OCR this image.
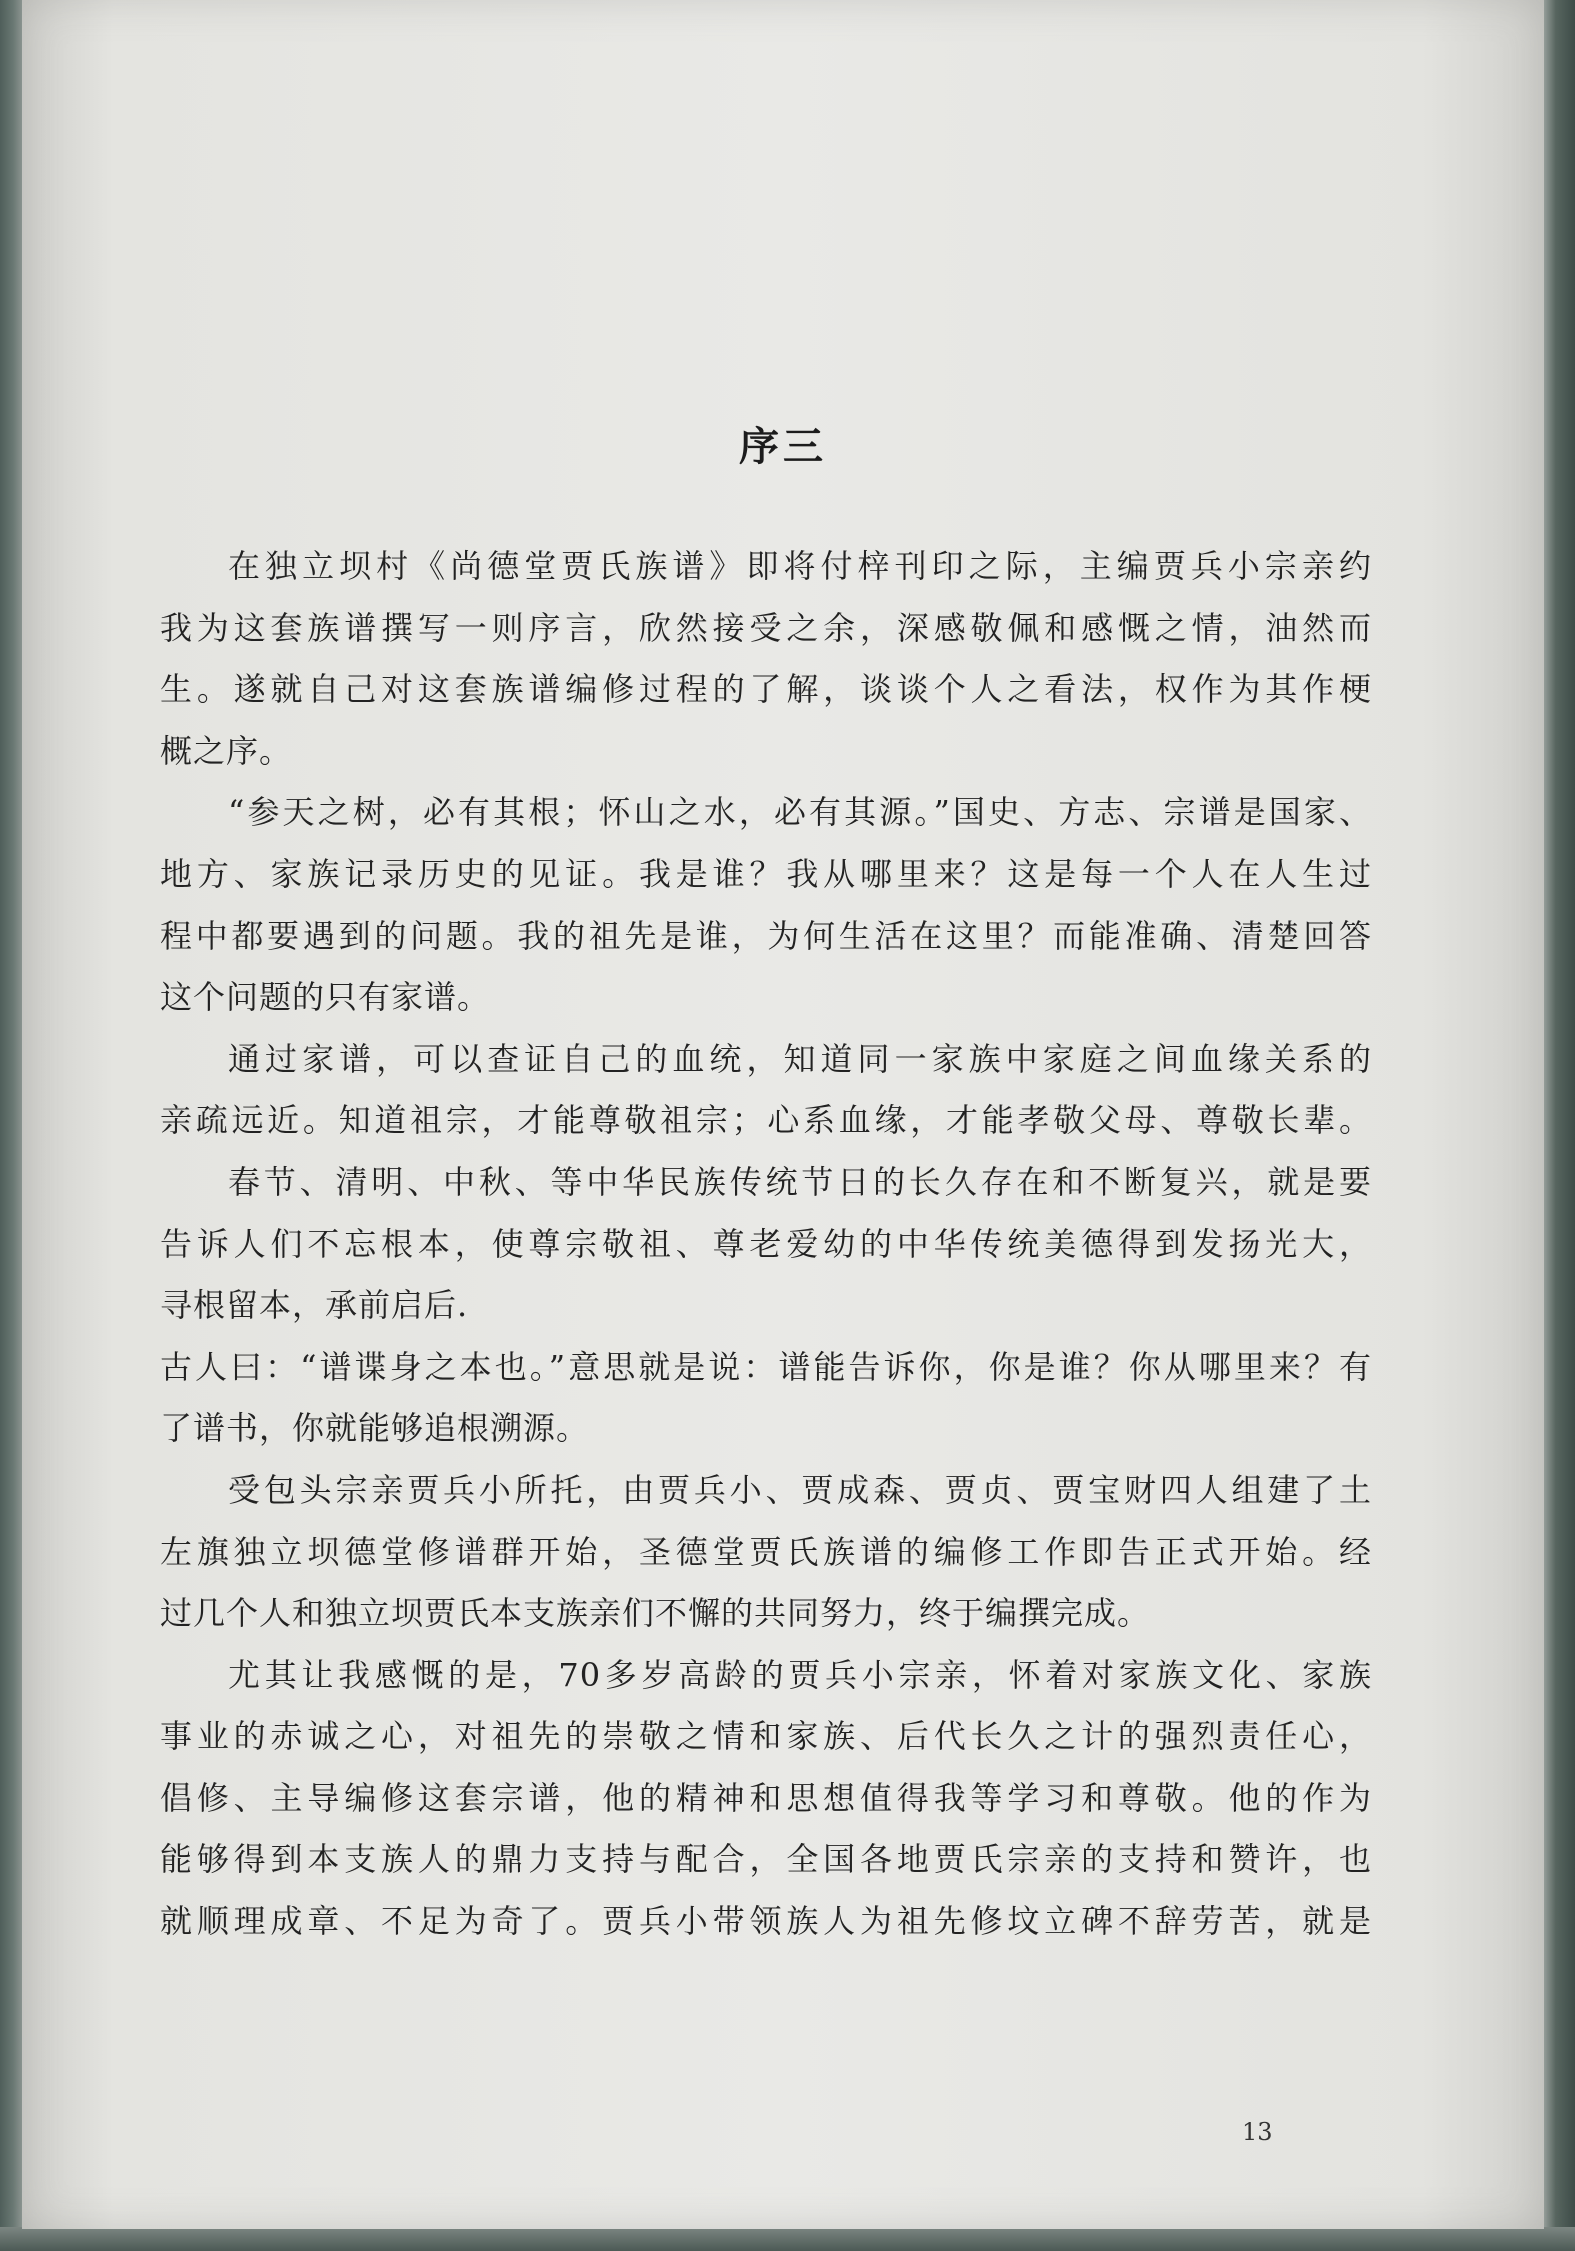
序三
在独立坝村《尚德堂贾氏族谱》即将付梓刊印之际，主编贾兵小宗亲约
我为这套族谱撰写一则序言，欣然接受之余，深感敬佩和感慨之情，油然而
生。遂就自己对这套族谱编修过程的了解，谈谈个人之看法，权作为其作梗
概之序。
“参天之树，必有其根；怀山之水，必有其源。”国史、方志、宗谱是国家、
地方、家族记录历史的见证。我是谁？我从哪里来？这是每一个人在人生过
程中都要遇到的问题。我的祖先是谁，为何生活在这里？而能准确、清楚回答
这个问题的只有家谱。
通过家谱，可以查证自己的血统，知道同一家族中家庭之间血缘关系的
亲疏远近。知道祖宗，才能尊敬祖宗；心系血缘，才能孝敬父母、尊敬长辈。
春节、清明、中秋、等中华民族传统节日的长久存在和不断复兴，就是要
告诉人们不忘根本，使尊宗敬祖、尊老爱幼的中华传统美德得到发扬光大，
寻根留本，承前启后.
古人曰：“谱谍身之本也。”意思就是说：谱能告诉你，你是谁？你从哪里来？有
了谱书，你就能够追根溯源。
受包头宗亲贾兵小所托，由贾兵小、贾成森、贾贞、贾宝财四人组建了土
左旗独立坝德堂修谱群开始，圣德堂贾氏族谱的编修工作即告正式开始。经
过几个人和独立坝贾氏本支族亲们不懈的共同努力，终于编撰完成。
尤其让我感慨的是，70多岁高龄的贾兵小宗亲，怀着对家族文化、家族
事业的赤诚之心，对祖先的崇敬之情和家族、后代长久之计的强烈责任心，
倡修、主导编修这套宗谱，他的精神和思想值得我等学习和尊敬。他的作为
能够得到本支族人的鼎力支持与配合，全国各地贾氏宗亲的支持和赞许，也
就顺理成章、不足为奇了。贾兵小带领族人为祖先修坟立碑不辞劳苦，就是
13
